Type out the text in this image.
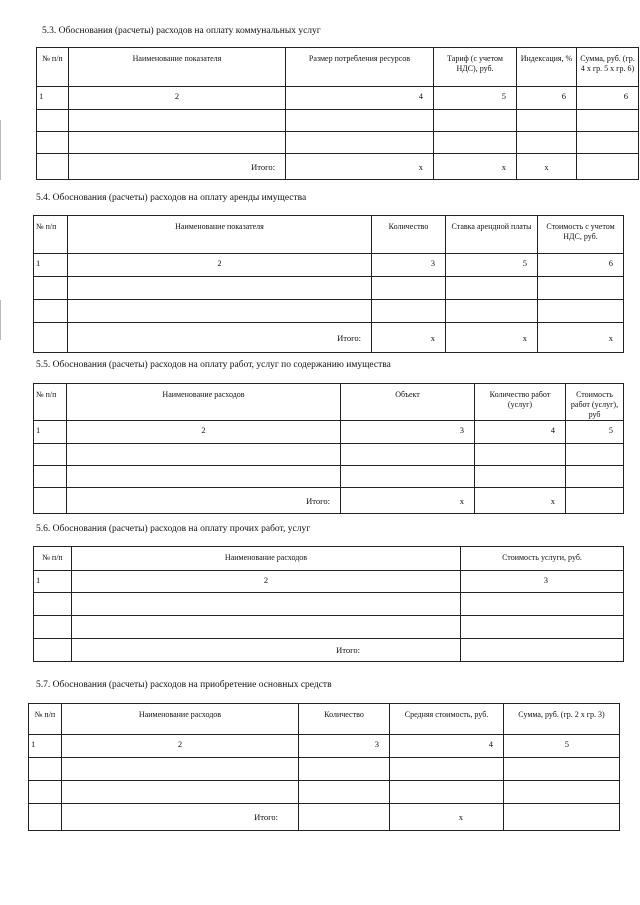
5.3. Обоснования (расчеты) расходов на оплату коммунальных услуг
№ п/п	Наименование показателя	Размер потребления ресурсов	Тариф (с учетом НДС), руб.	Индексация, %	Сумма, руб. (гр. 4 х гр. 5 х гр. 6)
1	2	4	5	6	6

	Итого:	x	x	x	
5.4. Обоснования (расчеты) расходов на оплату аренды имущества
№ п/п	Наименование показателя	Количество	Ставка арендной платы	Стоимость с учетом НДС, руб.
1	2	3	5	6

	Итого:	x	x	x
5.5. Обоснования (расчеты) расходов на оплату работ, услуг по содержанию имущества
№ п/п	Наименование расходов	Объект	Количество работ (услуг)	Стоимость работ (услуг), руб
1	2	3	4	5

	Итого:	x	x	
5.6. Обоснования (расчеты) расходов на оплату прочих работ, услуг
№ п/п	Наименование расходов	Стоимость услуги, руб.
1	2	3

	Итого:	
5.7. Обоснования (расчеты) расходов на приобретение основных средств
№ п/п	Наименование расходов	Количество	Средняя стоимость, руб.	Сумма, руб. (гр. 2 х гр. 3)
1	2	3	4	5

	Итого:		x	
